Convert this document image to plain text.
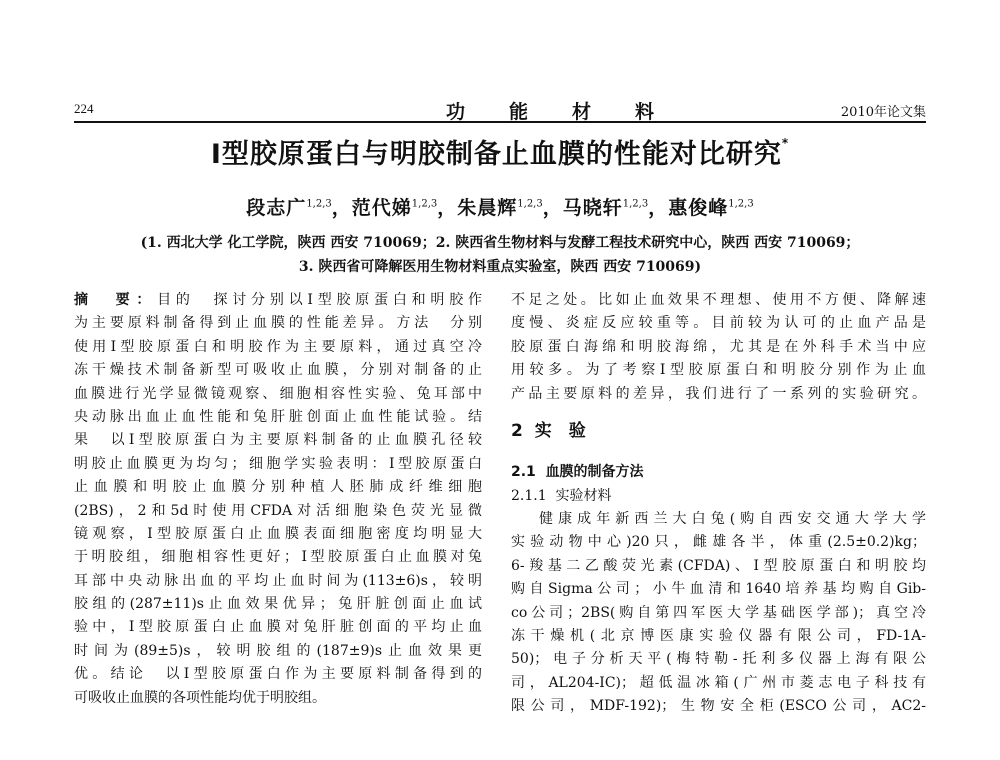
224	功能材料	2010年论文集
Ⅰ型胶原蛋白与明胶制备止血膜的性能对比研究*
段志广$^{1,2,3}$，范代娣$^{1,2,3}$，朱晨辉$^{1,2,3}$，马晓轩$^{1,2,3}$，惠俊峰$^{1,2,3}$
(1. 西北大学 化工学院，陕西 西安 710069；2. 陕西省生物材料与发酵工程技术研究中心，陕西 西安 710069；
3. 陕西省可降解医用生物材料重点实验室，陕西 西安 710069)
摘　要：目的　探讨分别以Ⅰ型胶原蛋白和明胶作
为主要原料制备得到止血膜的性能差异。方法　分别
使用Ⅰ型胶原蛋白和明胶作为主要原料，通过真空冷
冻干燥技术制备新型可吸收止血膜，分别对制备的止
血膜进行光学显微镜观察、细胞相容性实验、兔耳部中
央动脉出血止血性能和兔肝脏创面止血性能试验。结
果　以Ⅰ型胶原蛋白为主要原料制备的止血膜孔径较
明胶止血膜更为均匀；细胞学实验表明：Ⅰ型胶原蛋白
止血膜和明胶止血膜分别种植人胚肺成纤维细胞
(2BS)，2和5d时使用CFDA对活细胞染色荧光显微
镜观察，Ⅰ型胶原蛋白止血膜表面细胞密度均明显大
于明胶组，细胞相容性更好；Ⅰ型胶原蛋白止血膜对兔
耳部中央动脉出血的平均止血时间为(113±6)s，较明
胶组的(287±11)s止血效果优异；兔肝脏创面止血试
验中，Ⅰ型胶原蛋白止血膜对兔肝脏创面的平均止血
时间为(89±5)s，较明胶组的(187±9)s止血效果更
优。结论　以Ⅰ型胶原蛋白作为主要原料制备得到的
可吸收止血膜的各项性能均优于明胶组。
不足之处。比如止血效果不理想、使用不方便、降解速
度慢、炎症反应较重等。目前较为认可的止血产品是
胶原蛋白海绵和明胶海绵，尤其是在外科手术当中应
用较多。为了考察Ⅰ型胶原蛋白和明胶分别作为止血
产品主要原料的差异，我们进行了一系列的实验研究。
2 实　验
2.1 血膜的制备方法
2.1.1 实验材料
健康成年新西兰大白兔(购自西安交通大学大学
实验动物中心)20只，雌雄各半，体重(2.5±0.2)kg；
6-羧基二乙酸荧光素(CFDA)、Ⅰ型胶原蛋白和明胶均
购自Sigma公司；小牛血清和1640培养基均购自Gib-
co公司；2BS(购自第四军医大学基础医学部)；真空冷
冻干燥机(北京博医康实验仪器有限公司，FD-1A-
50)；电子分析天平(梅特勒-托利多仪器上海有限公
司，AL204-IC)；超低温冰箱(广州市菱志电子科技有
限公司，MDF-192)；生物安全柜(ESCO公司，AC2-
